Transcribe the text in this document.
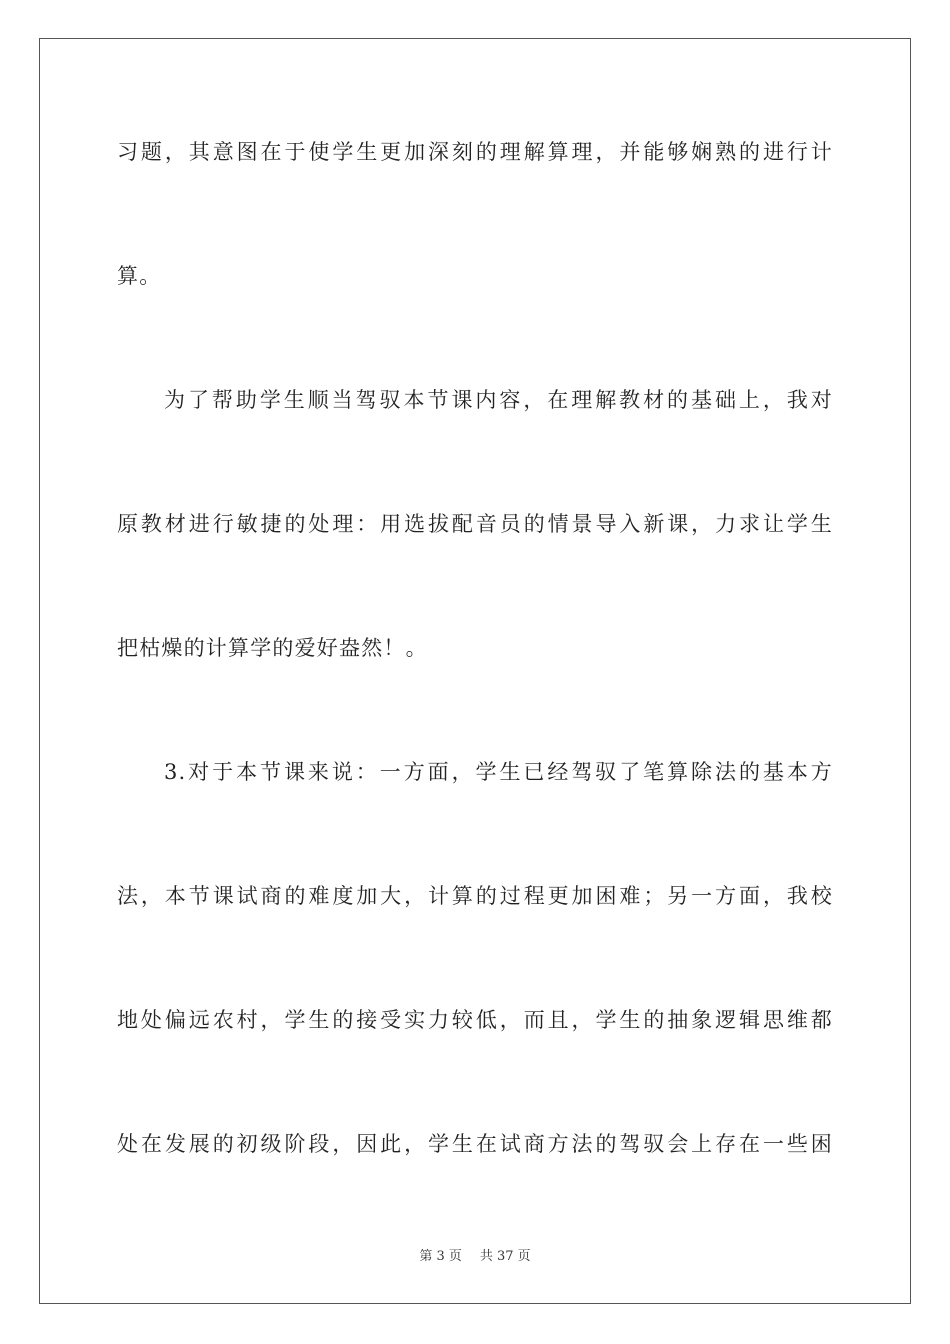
习题，其意图在于使学生更加深刻的理解算理，并能够娴熟的进行计
算。
为了帮助学生顺当驾驭本节课内容，在理解教材的基础上，我对
原教材进行敏捷的处理：用选拔配音员的情景导入新课，力求让学生
把枯燥的计算学的爱好盎然！。
3.对于本节课来说：一方面，学生已经驾驭了笔算除法的基本方
法，本节课试商的难度加大，计算的过程更加困难；另一方面，我校
地处偏远农村，学生的接受实力较低，而且，学生的抽象逻辑思维都
处在发展的初级阶段，因此，学生在试商方法的驾驭会上存在一些困
第 3 页 共 37 页
